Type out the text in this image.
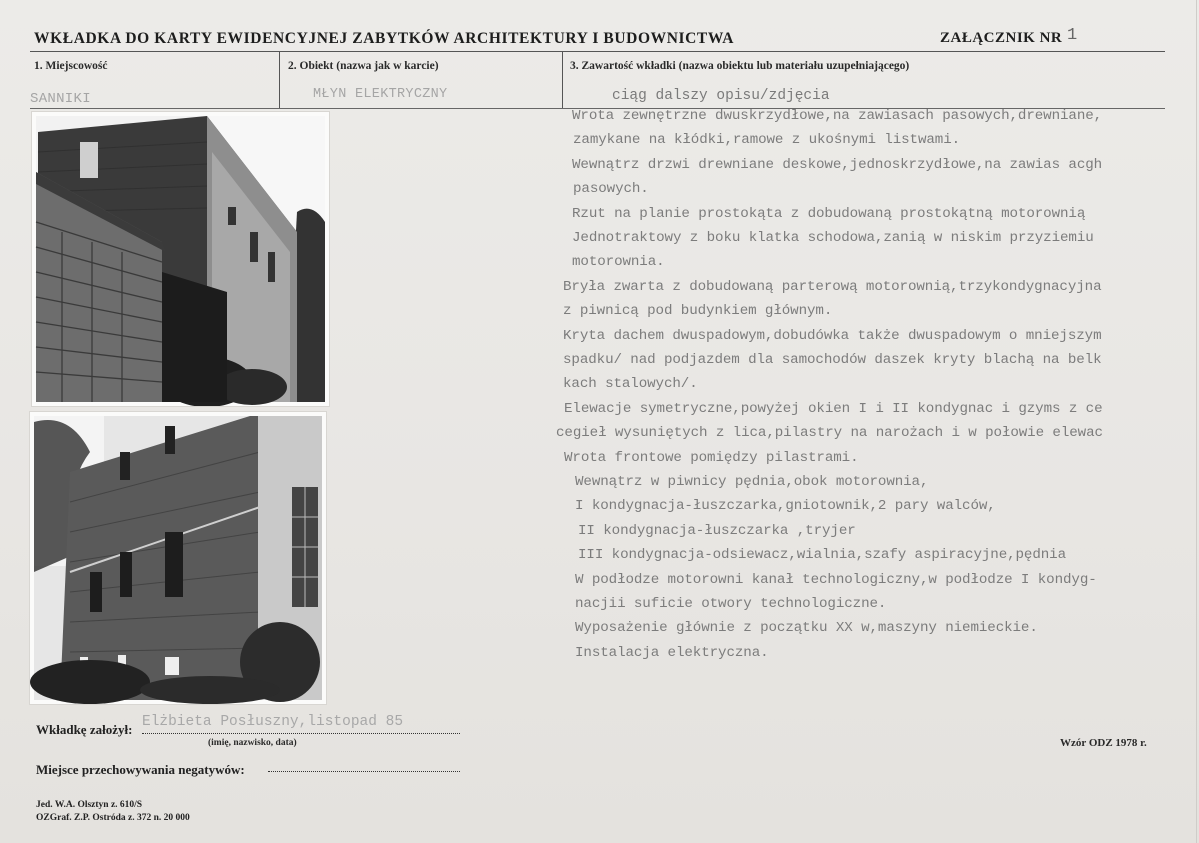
WKŁADKA DO KARTY EWIDENCYJNEJ ZABYTKÓW ARCHITEKTURY I BUDOWNICTWA	ZAŁĄCZNIK NR 1
1. Miejscowość	2. Obiekt (nazwa jak w karcie)	3. Zawartość wkładki (nazwa obiektu lub materiału uzupełniającego)
SANNIKI	MŁYN ELEKTRYCZNY	ciąg dalszy opisu/zdjęcia
Wrota zewnętrzne dwuskrzydłowe,na zawiasach pasowych,drewniane,
zamykane na kłódki,ramowe z ukośnymi listwami.
Wewnątrz drzwi drewniane deskowe,jednoskrzydłowe,na zawias acgh
pasowych.
Rzut na planie prostokąta z dobudowaną prostokątną motorownią
Jednotraktowy z boku klatka schodowa,zanią w niskim przyziemiu
motorownia.
Bryła zwarta z dobudowaną parterową motorownią,trzykondygnacyjna
z piwnicą pod budynkiem głównym.
Kryta dachem dwuspadowym,dobudówka także dwuspadowym o mniejszym
spadku/ nad podjazdem dla samochodów daszek kryty blachą na belk
kach stalowych/.
Elewacje symetryczne,powyżej okien I i II kondygnac i gzyms z ce
cegieł wysuniętych z lica,pilastry na narożach i w połowie elewac
Wrota frontowe pomiędzy pilastrami.
Wewnątrz w piwnicy pędnia,obok motorownia,
I kondygnacja-łuszczarka,gniotownik,2 pary walców,
II kondygnacja-łuszczarka ,tryjer
III kondygnacja-odsiewacz,wialnia,szafy aspiracyjne,pędnia
W podłodze motorowni kanał technologiczny,w podłodze I kondyg-
nacjii suficie otwory technologiczne.
Wyposażenie głównie z początku XX w,maszyny niemieckie.
Instalacja elektryczna.
Wkładkę założył: Elżbieta Posłuszny,listopad 85
(imię, nazwisko, data)
Miejsce przechowywania negatywów:
Wzór ODZ 1978 r.
Jed. W.A. Olsztyn z. 610/S
OZGraf. Z.P. Ostróda z. 372 n. 20 000
